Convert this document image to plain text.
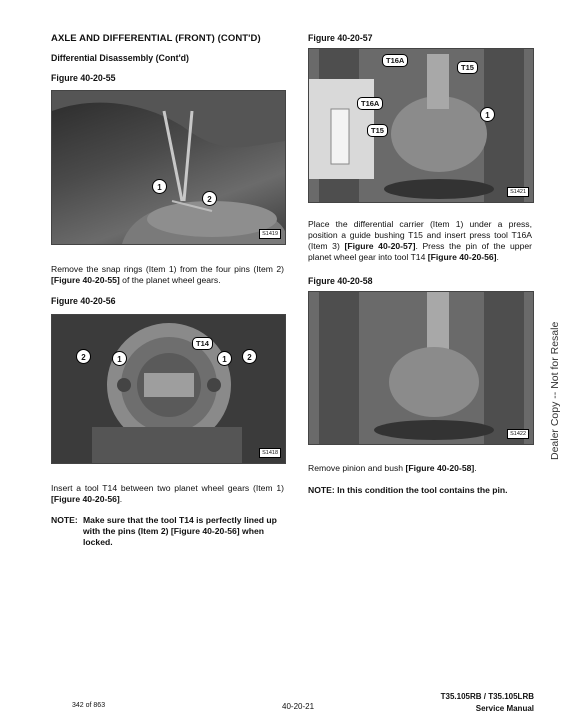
AXLE AND DIFFERENTIAL (FRONT) (CONT'D)
Differential Disassembly (Cont'd)
Figure 40-20-55
1
2
S1419
Remove the snap rings (Item 1) from the four pins (Item 2) [Figure 40-20-55] of the planet wheel gears.
Figure 40-20-56
2	1	1	2
T14
S1418
Insert a tool T14 between two planet wheel gears (Item 1) [Figure 40-20-56].
NOTE: Make sure that the tool T14 is perfectly lined up with the pins (Item 2) [Figure 40-20-56] when locked.
Figure 40-20-57
T16A
T15
T16A
T15
1
S1421
Place the differential carrier (Item 1) under a press, position a guide bushing T15 and insert press tool T16A (Item 3) [Figure 40-20-57]. Press the pin of the upper planet wheel gear into tool T14 [Figure 40-20-56].
Figure 40-20-58
S1422
Remove pinion and bush [Figure 40-20-58].
NOTE: In this condition the tool contains the pin.
Dealer Copy -- Not for Resale
342 of 863	40-20-21
T35.105RB / T35.105LRB
Service Manual
